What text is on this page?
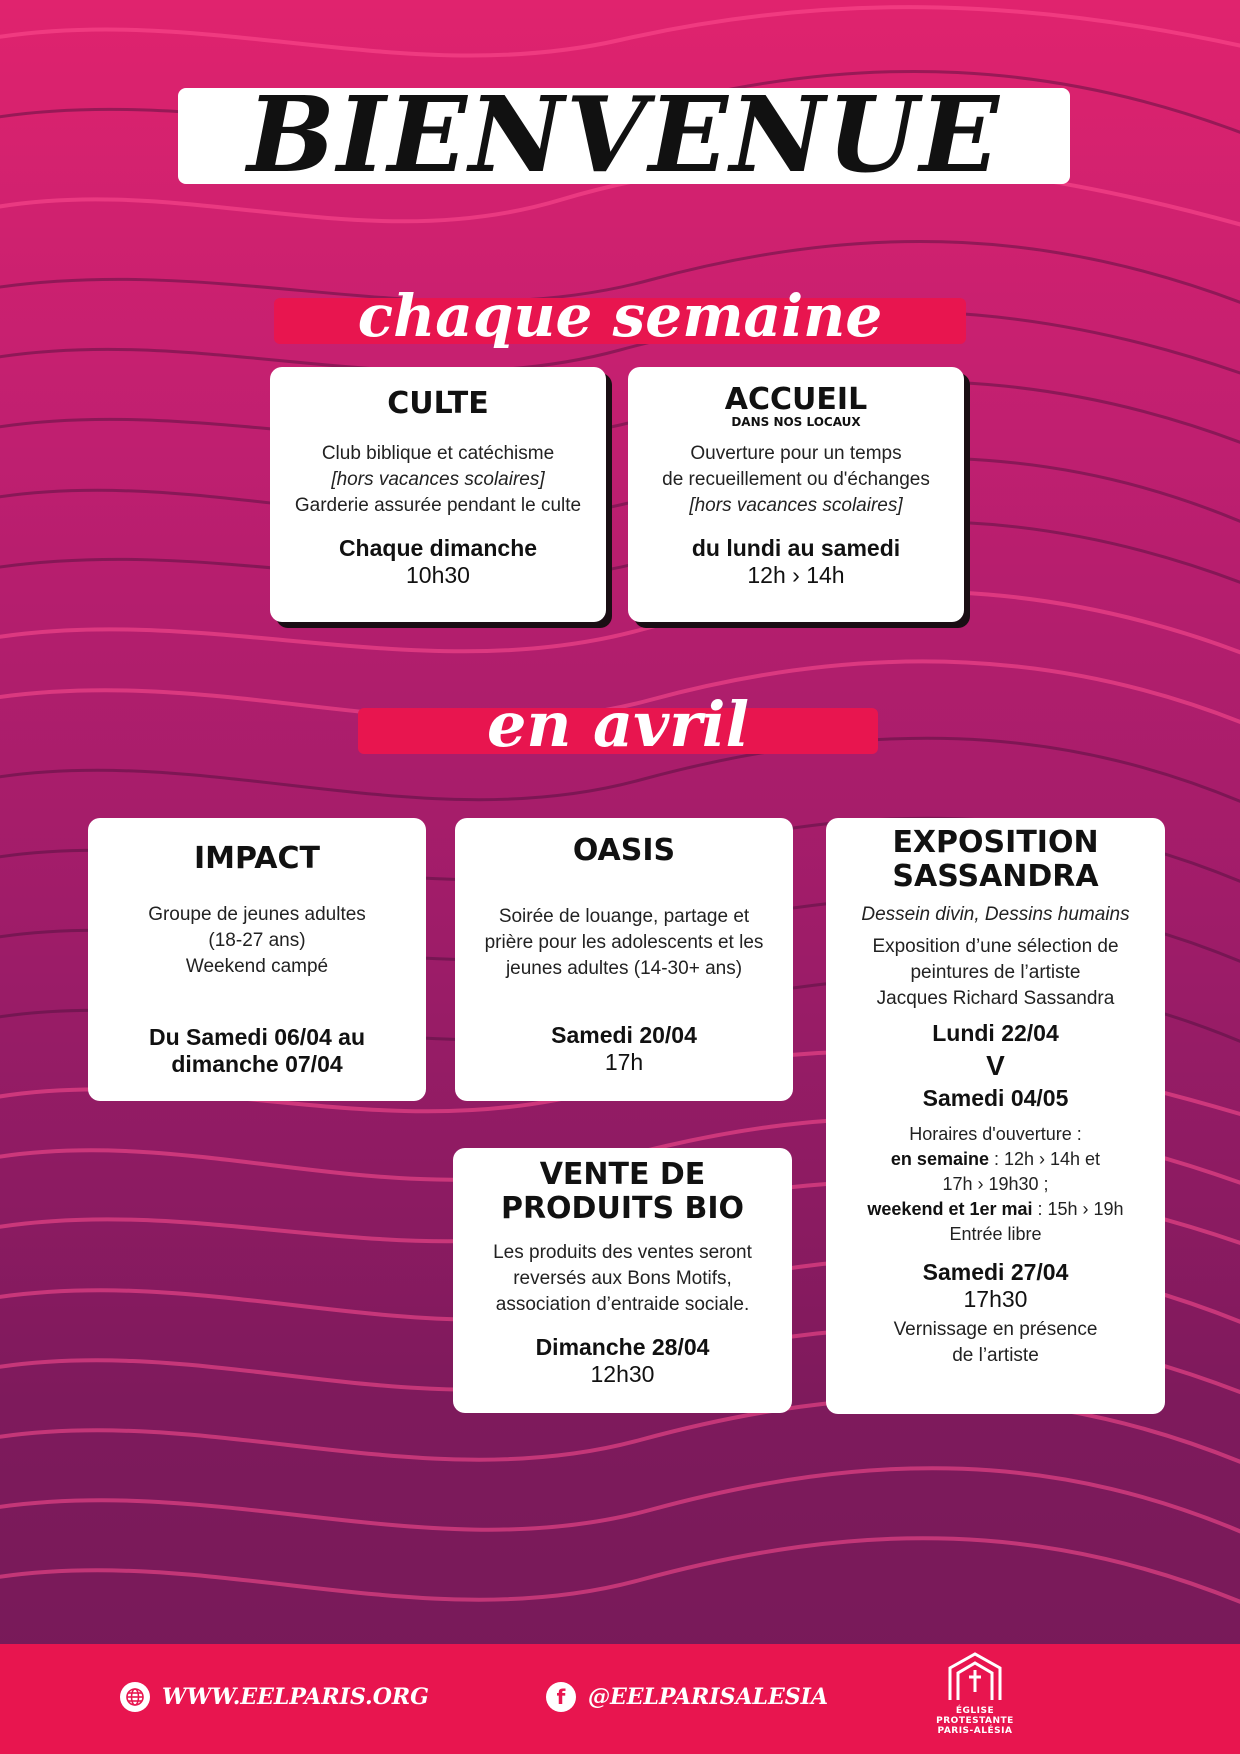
BIENVENUE
chaque semaine
CULTE
Club biblique et catéchisme
[hors vacances scolaires]
Garderie assurée pendant le culte
Chaque dimanche
10h30
ACCUEIL
DANS NOS LOCAUX
Ouverture pour un temps
de recueillement ou d'échanges
[hors vacances scolaires]
du lundi au samedi
12h › 14h
en avril
IMPACT
Groupe de jeunes adultes
(18-27 ans)
Weekend campé
Du Samedi 06/04 au
dimanche 07/04
OASIS
Soirée de louange, partage et
prière pour les adolescents et les
jeunes adultes (14-30+ ans)
Samedi 20/04
17h
VENTE DE
PRODUITS BIO
Les produits des ventes seront
reversés aux Bons Motifs,
association d’entraide sociale.
Dimanche 28/04
12h30
EXPOSITION
SASSANDRA
Dessein divin, Dessins humains
Exposition d’une sélection de
peintures de l’artiste
Jacques Richard Sassandra
Lundi 22/04
V
Samedi 04/05
Horaires d'ouverture :
en semaine : 12h › 14h et
17h › 19h30 ;
weekend et 1er mai : 15h › 19h
Entrée libre
Samedi 27/04
17h30
Vernissage en présence
de l’artiste
WWW.EELPARIS.ORG	f	@EELPARISALESIA
ÉGLISE
PROTESTANTE
PARIS-ALÉSIA
